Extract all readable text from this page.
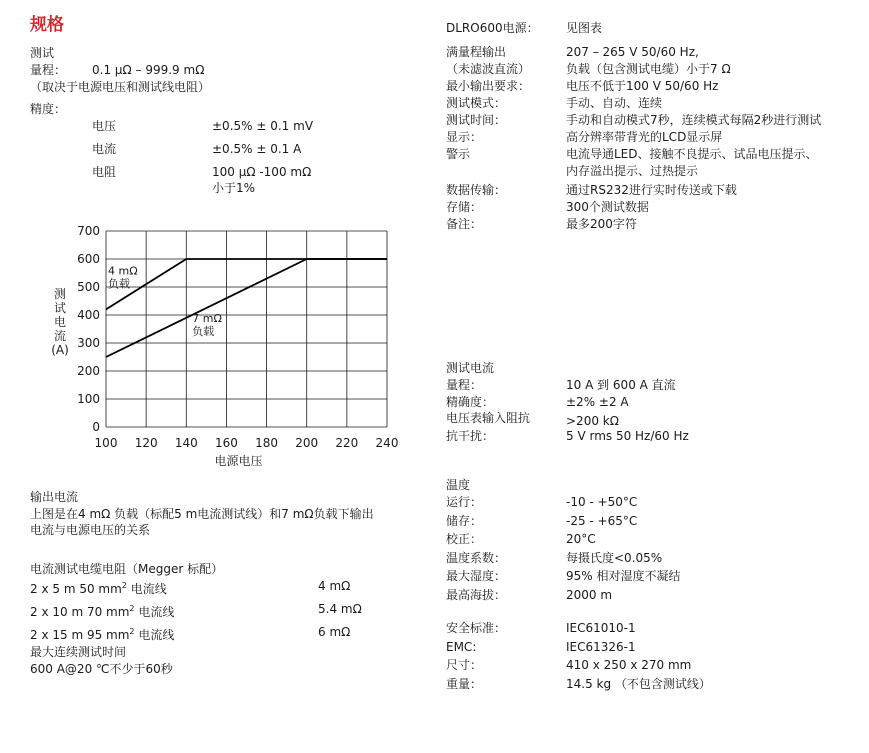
规格
测试
量程： 0.1 µΩ – 999.9 mΩ
（取决于电源电压和测试线电阻）
精度：
电压	±0.5% ± 0.1 mV
电流	±0.5% ± 0.1 A
电阻	100 µΩ -100 mΩ
小于1%
100 120 140 160 180 200 220 240
0
100
200
300
400
500
600
700
4 mΩ
负载
7 mΩ
负载
电源电压
测
试
电
流
(A)
输出电流
上图是在4 mΩ 负载（标配5 m电流测试线）和7 mΩ负载下输出
电流与电源电压的关系
电流测试电缆电阻（Megger 标配）
2 x 5 m 50 $mm^2$ 电流线	4 mΩ
2 x 10 m 70 $mm^2$ 电流线	5.4 mΩ
2 x 15 m 95 $mm^2$ 电流线	6 mΩ
最大连续测试时间
600 A@20 ℃不少于60秒
DLRO600电源： 见图表
满量程输出	207 – 265 V 50/60 Hz,
（未滤波直流）	负载（包含测试电缆）小于7 Ω
最小输出要求：	电压不低于100 V 50/60 Hz
测试模式：	手动、自动、连续
测试时间：	手动和自动模式7秒，连续模式每隔2秒进行测试
显示：	高分辨率带背光的LCD显示屏
警示	电流导通LED、接触不良提示、试品电压提示、
内存溢出提示、过热提示
数据传输：	通过RS232进行实时传送或下载
存储：	300个测试数据
备注：	最多200字符
测试电流
量程：	10 A 到 600 A 直流
精确度：	±2% ±2 A
电压表输入阻抗	>200 kΩ
抗干扰：	5 V rms 50 Hz/60 Hz
温度
运行：	-10 - +50°C
储存：	-25 - +65°C
校正：	20°C
温度系数：	每摄氏度<0.05%
最大湿度：	95% 相对湿度不凝结
最高海拔：	2000 m
安全标准：	IEC61010-1
EMC:	IEC61326-1
尺寸：	410 x 250 x 270 mm
重量：	14.5 kg （不包含测试线）
